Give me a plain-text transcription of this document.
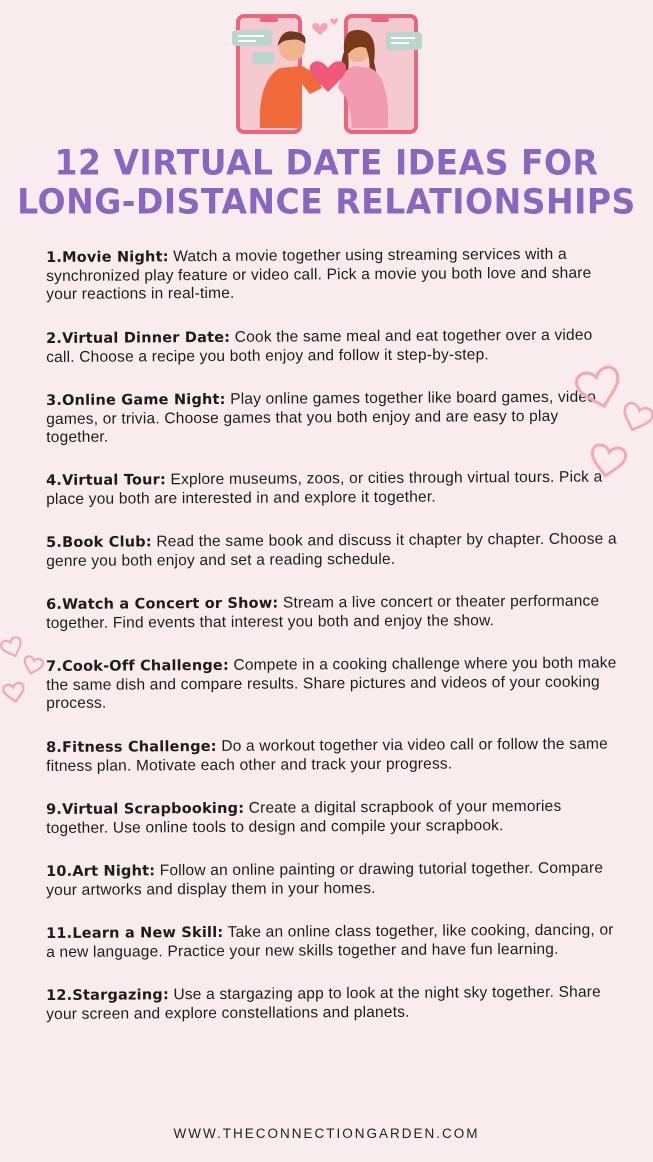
12 VIRTUAL DATE IDEAS FOR
LONG-DISTANCE RELATIONSHIPS

1.Movie Night: Watch a movie together using streaming services with a synchronized play feature or video call. Pick a movie you both love and share your reactions in real-time.

2.Virtual Dinner Date: Cook the same meal and eat together over a video call. Choose a recipe you both enjoy and follow it step-by-step.

3.Online Game Night: Play online games together like board games, video games, or trivia. Choose games that you both enjoy and are easy to play together.

4.Virtual Tour: Explore museums, zoos, or cities through virtual tours. Pick a place you both are interested in and explore it together.

5.Book Club: Read the same book and discuss it chapter by chapter. Choose a genre you both enjoy and set a reading schedule.

6.Watch a Concert or Show: Stream a live concert or theater performance together. Find events that interest you both and enjoy the show.

7.Cook-Off Challenge: Compete in a cooking challenge where you both make the same dish and compare results. Share pictures and videos of your cooking process.

8.Fitness Challenge: Do a workout together via video call or follow the same fitness plan. Motivate each other and track your progress.

9.Virtual Scrapbooking: Create a digital scrapbook of your memories together. Use online tools to design and compile your scrapbook.

10.Art Night: Follow an online painting or drawing tutorial together. Compare your artworks and display them in your homes.

11.Learn a New Skill: Take an online class together, like cooking, dancing, or a new language. Practice your new skills together and have fun learning.

12.Stargazing: Use a stargazing app to look at the night sky together. Share your screen and explore constellations and planets.

WWW.THECONNECTIONGARDEN.COM
